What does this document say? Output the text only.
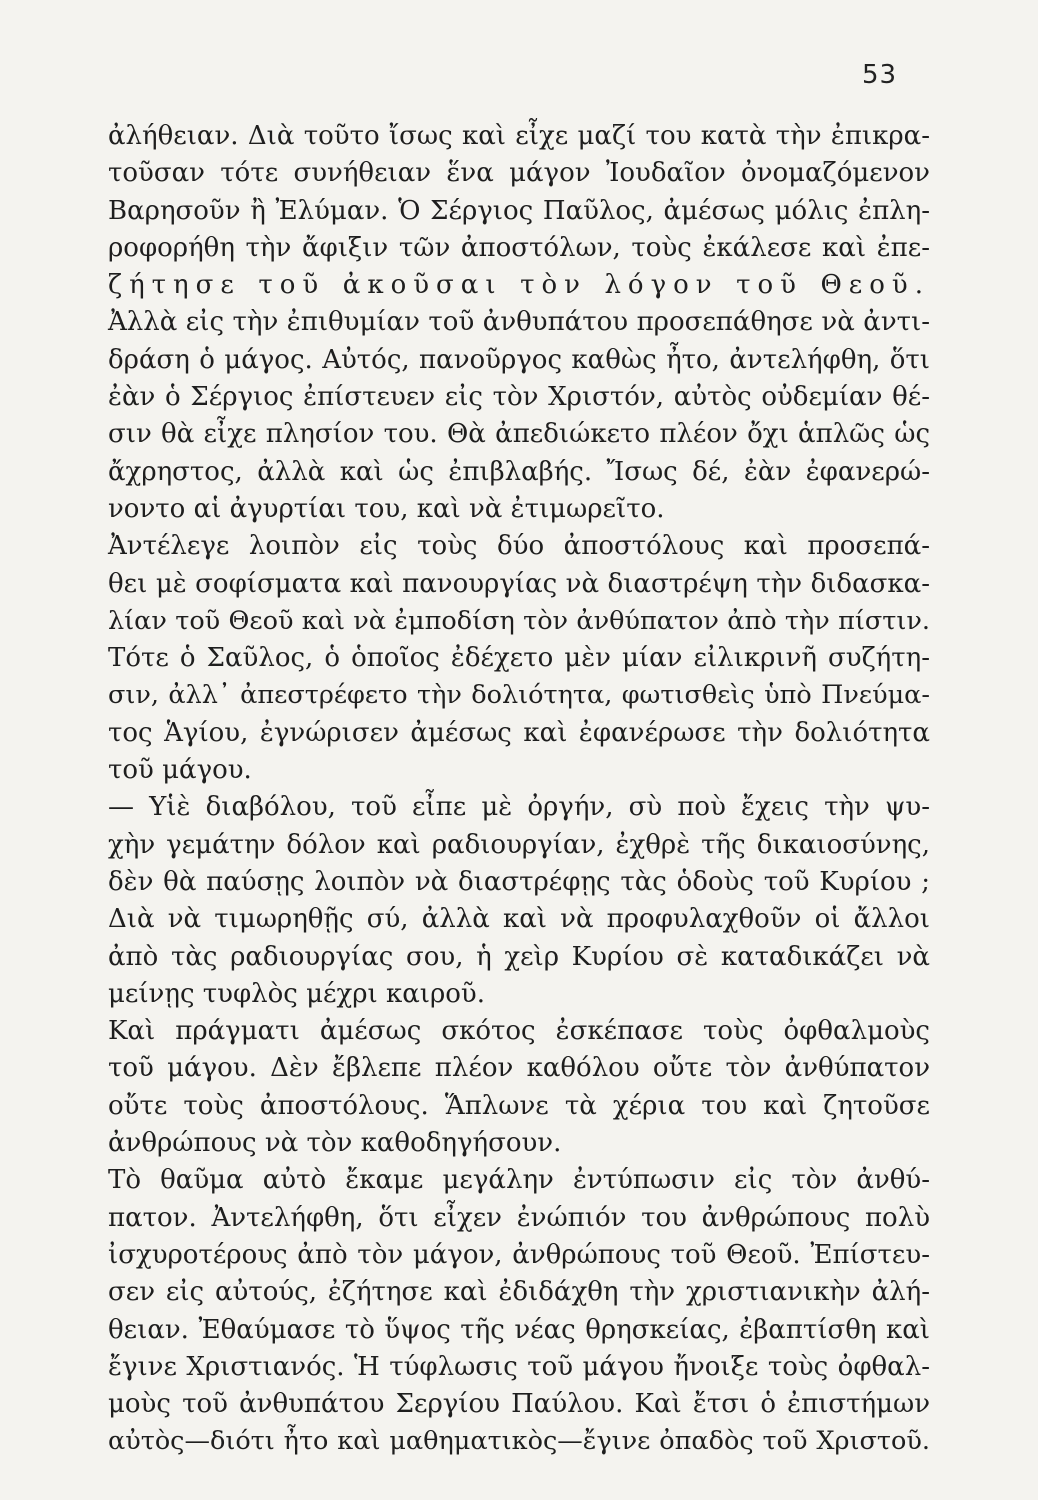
53
ἀλήθειαν. Διὰ τοῦτο ἴσως καὶ εἶχε μαζί του κατὰ τὴν ἐπικρα-
τοῦσαν τότε συνήθειαν ἕνα μάγον Ἰουδαῖον ὀνομαζόμενον
Βαρησοῦν ἢ Ἐλύμαν. Ὁ Σέργιος Παῦλος, ἀμέσως μόλις ἐπλη-
ροφορήθη τὴν ἄφιξιν τῶν ἀποστόλων, τοὺς ἐκάλεσε καὶ ἐπε-
ζήτησε τοῦ ἀκοῦσαι τὸν λόγον τοῦ Θεοῦ.
Ἀλλὰ εἰς τὴν ἐπιθυμίαν τοῦ ἀνθυπάτου προσεπάθησε νὰ ἀντι-
δράση ὁ μάγος. Αὐτός, πανοῦργος καθὼς ἦτο, ἀντελήφθη, ὅτι
ἐὰν ὁ Σέργιος ἐπίστευεν εἰς τὸν Χριστόν, αὐτὸς οὐδεμίαν θέ-
σιν θὰ εἶχε πλησίον του. Θὰ ἀπεδιώκετο πλέον ὄχι ἁπλῶς ὡς
ἄχρηστος, ἀλλὰ καὶ ὡς ἐπιβλαβής. Ἴσως δέ, ἐὰν ἐφανερώ-
νοντο αἱ ἀγυρτίαι του, καὶ νὰ ἐτιμωρεῖτο.
Ἀντέλεγε λοιπὸν εἰς τοὺς δύο ἀποστόλους καὶ προσεπά-
θει μὲ σοφίσματα καὶ πανουργίας νὰ διαστρέψη τὴν διδασκα-
λίαν τοῦ Θεοῦ καὶ νὰ ἐμποδίση τὸν ἀνθύπατον ἀπὸ τὴν πίστιν.
Τότε ὁ Σαῦλος, ὁ ὁποῖος ἐδέχετο μὲν μίαν εἰλικρινῆ συζήτη-
σιν, ἀλλ᾽ ἀπεστρέφετο τὴν δολιότητα, φωτισθεὶς ὑπὸ Πνεύμα-
τος Ἁγίου, ἐγνώρισεν ἀμέσως καὶ ἐφανέρωσε τὴν δολιότητα
τοῦ μάγου.
— Υἱὲ διαβόλου, τοῦ εἶπε μὲ ὀργήν, σὺ ποὺ ἔχεις τὴν ψυ-
χὴν γεμάτην δόλον καὶ ραδιουργίαν, ἐχθρὲ τῆς δικαιοσύνης,
δὲν θὰ παύσῃς λοιπὸν νὰ διαστρέφῃς τὰς ὁδοὺς τοῦ Κυρίου ;
Διὰ νὰ τιμωρηθῇς σύ, ἀλλὰ καὶ νὰ προφυλαχθοῦν οἱ ἄλλοι
ἀπὸ τὰς ραδιουργίας σου, ἡ χεὶρ Κυρίου σὲ καταδικάζει νὰ
μείνῃς τυφλὸς μέχρι καιροῦ.
Καὶ πράγματι ἀμέσως σκότος ἐσκέπασε τοὺς ὀφθαλμοὺς
τοῦ μάγου. Δὲν ἔβλεπε πλέον καθόλου οὔτε τὸν ἀνθύπατον
οὔτε τοὺς ἀποστόλους. Ἅπλωνε τὰ χέρια του καὶ ζητοῦσε
ἀνθρώπους νὰ τὸν καθοδηγήσουν.
Τὸ θαῦμα αὐτὸ ἔκαμε μεγάλην ἐντύπωσιν εἰς τὸν ἀνθύ-
πατον. Ἀντελήφθη, ὅτι εἶχεν ἐνώπιόν του ἀνθρώπους πολὺ
ἰσχυροτέρους ἀπὸ τὸν μάγον, ἀνθρώπους τοῦ Θεοῦ. Ἐπίστευ-
σεν εἰς αὐτούς, ἐζήτησε καὶ ἐδιδάχθη τὴν χριστιανικὴν ἀλή-
θειαν. Ἐθαύμασε τὸ ὕψος τῆς νέας θρησκείας, ἐβαπτίσθη καὶ
ἔγινε Χριστιανός. Ἡ τύφλωσις τοῦ μάγου ἤνοιξε τοὺς ὀφθαλ-
μοὺς τοῦ ἀνθυπάτου Σεργίου Παύλου. Καὶ ἔτσι ὁ ἐπιστήμων
αὐτὸς—διότι ἦτο καὶ μαθηματικὸς—ἔγινε ὀπαδὸς τοῦ Χριστοῦ.
